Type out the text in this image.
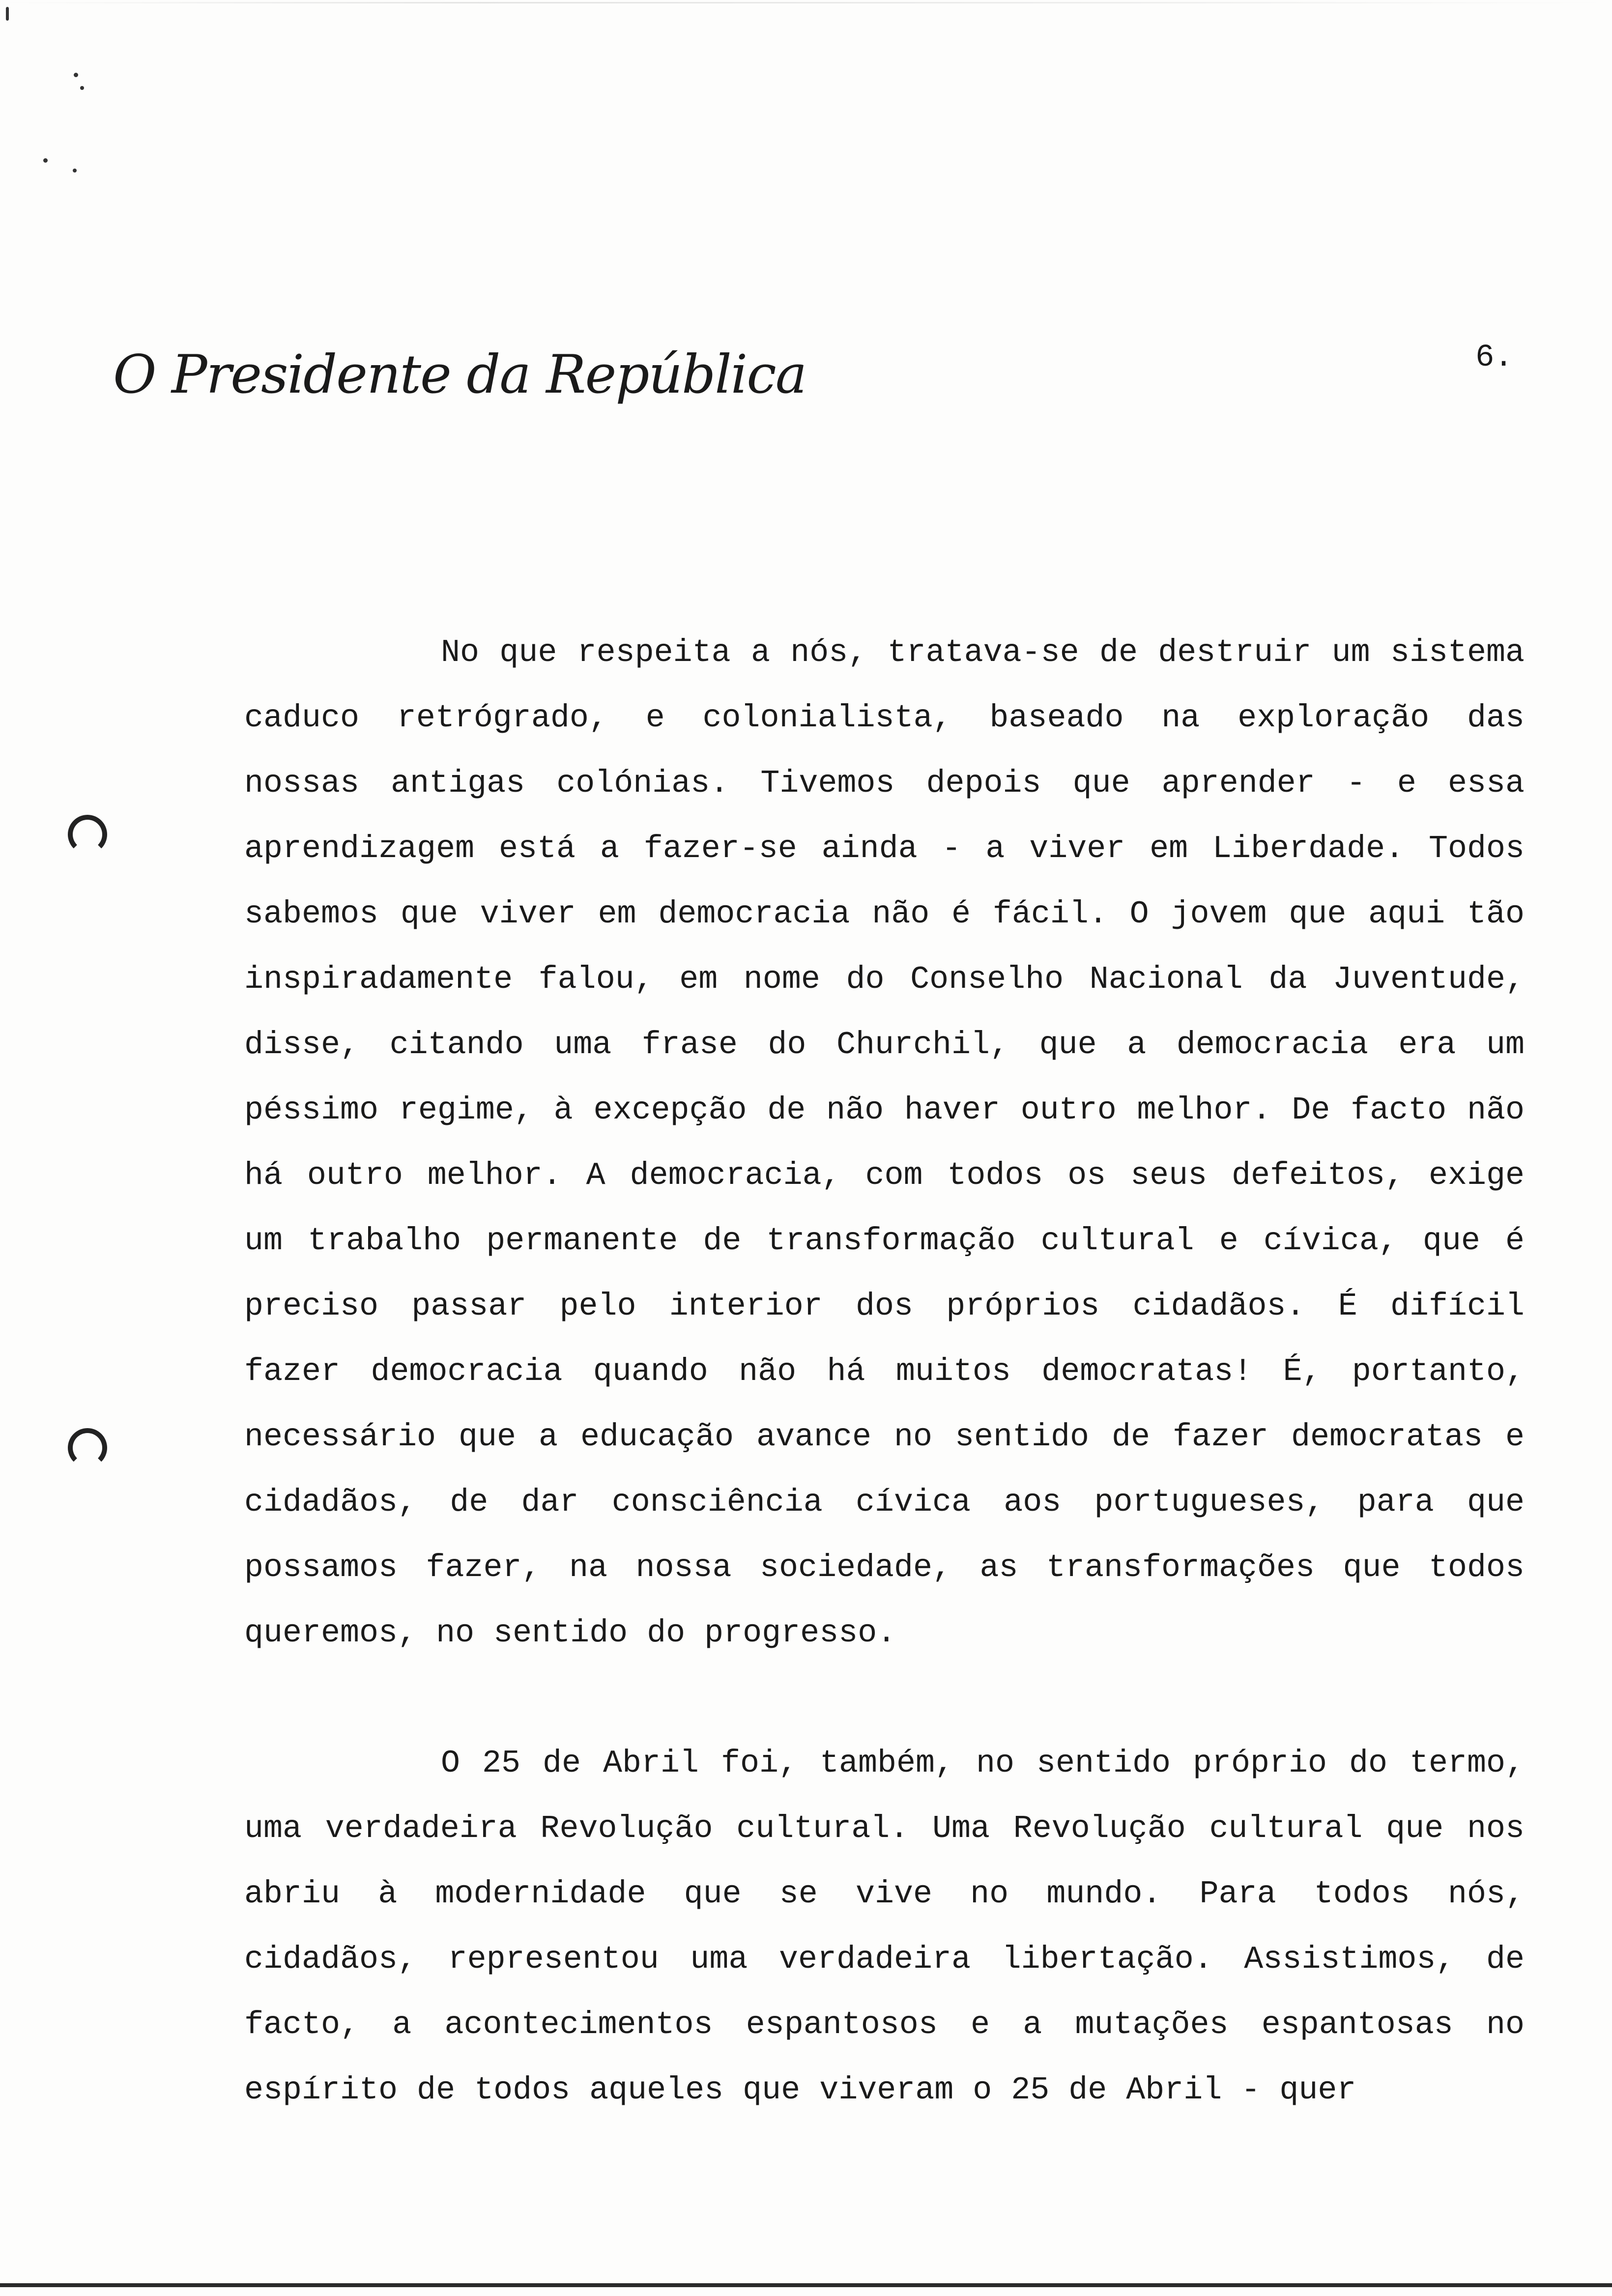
O Presidente da República	6.

No que respeita a nós, tratava-se de destruir um sistema caduco retrógrado, e colonialista, baseado na exploração das nossas antigas colónias. Tivemos depois que aprender - e essa aprendizagem está a fazer-se ainda - a viver em Liberdade. Todos sabemos que viver em democracia não é fácil. O jovem que aqui tão inspiradamente falou, em nome do Conselho Nacional da Juventude, disse, citando uma frase do Churchil, que a democracia era um péssimo regime, à excepção de não haver outro melhor. De facto não há outro melhor. A democracia, com todos os seus defeitos, exige um trabalho permanente de transformação cultural e cívica, que é preciso passar pelo interior dos próprios cidadãos. É difícil fazer democracia quando não há muitos democratas! É, portanto, necessário que a educação avance no sentido de fazer democratas e cidadãos, de dar consciência cívica aos portugueses, para que possamos fazer, na nossa sociedade, as transformações que todos queremos, no sentido do progresso.

O 25 de Abril foi, também, no sentido próprio do termo, uma verdadeira Revolução cultural. Uma Revolução cultural que nos abriu à modernidade que se vive no mundo. Para todos nós, cidadãos, representou uma verdadeira libertação. Assistimos, de facto, a acontecimentos espantosos e a mutações espantosas no espírito de todos aqueles que viveram o 25 de Abril - quer
